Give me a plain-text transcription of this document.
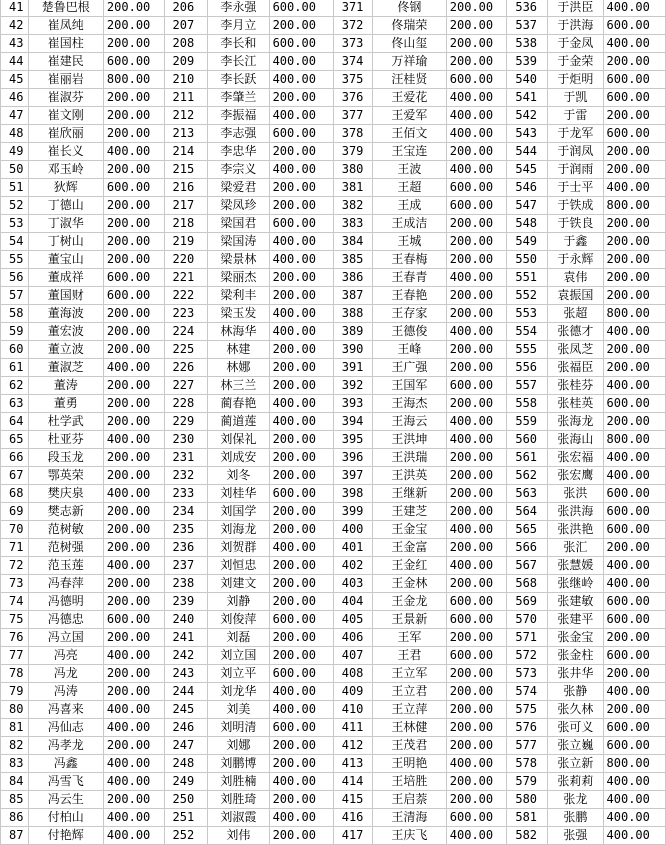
41	楚鲁巴根	200.00	206	李永强	600.00	371	佟钢	200.00	536	于洪臣	400.00
42	崔凤纯	200.00	207	李月立	200.00	372	佟瑞荣	200.00	537	于洪海	600.00
43	崔国柱	200.00	208	李长和	600.00	373	佟山玺	200.00	538	于金凤	400.00
44	崔建民	600.00	209	李长江	400.00	374	万祥瑜	200.00	539	于金荣	200.00
45	崔丽岩	800.00	210	李长跃	400.00	375	汪桂贤	600.00	540	于炬明	600.00
46	崔淑芬	200.00	211	李肇兰	200.00	376	王爱花	400.00	541	于凯	600.00
47	崔文刚	200.00	212	李振福	400.00	377	王爱军	400.00	542	于雷	200.00
48	崔欣丽	200.00	213	李志强	600.00	378	王佰文	400.00	543	于龙军	600.00
49	崔长义	400.00	214	李忠华	200.00	379	王宝连	200.00	544	于润凤	200.00
50	邓玉岭	200.00	215	李宗义	400.00	380	王波	400.00	545	于润雨	200.00
51	狄辉	600.00	216	梁爱君	200.00	381	王超	600.00	546	于士平	400.00
52	丁德山	200.00	217	梁凤珍	200.00	382	王成	600.00	547	于铁成	800.00
53	丁淑华	200.00	218	梁国君	600.00	383	王成洁	200.00	548	于铁良	200.00
54	丁树山	200.00	219	梁国涛	400.00	384	王城	200.00	549	于鑫	200.00
55	董宝山	200.00	220	梁景林	400.00	385	王春梅	200.00	550	于永辉	200.00
56	董成祥	600.00	221	梁丽杰	200.00	386	王春青	400.00	551	袁伟	200.00
57	董国财	600.00	222	梁利丰	200.00	387	王春艳	200.00	552	袁振国	200.00
58	董海波	200.00	223	梁玉发	400.00	388	王存家	200.00	553	张超	800.00
59	董宏波	200.00	224	林海华	400.00	389	王德俊	400.00	554	张德才	400.00
60	董立波	200.00	225	林建	200.00	390	王峰	200.00	555	张凤芝	200.00
61	董淑芝	400.00	226	林娜	200.00	391	王广强	200.00	556	张福臣	200.00
62	董涛	200.00	227	林三兰	200.00	392	王国军	600.00	557	张桂芬	400.00
63	董勇	200.00	228	蔺春艳	400.00	393	王海杰	200.00	558	张桂英	600.00
64	杜学武	200.00	229	蔺道莲	400.00	394	王海云	400.00	559	张海龙	200.00
65	杜亚芬	400.00	230	刘保礼	200.00	395	王洪坤	400.00	560	张海山	800.00
66	段玉龙	200.00	231	刘成安	200.00	396	王洪瑞	200.00	561	张宏福	400.00
67	鄂英荣	200.00	232	刘冬	200.00	397	王洪英	200.00	562	张宏鹰	400.00
68	樊庆泉	400.00	233	刘桂华	600.00	398	王继新	200.00	563	张洪	600.00
69	樊志新	200.00	234	刘国学	200.00	399	王建芝	200.00	564	张洪海	600.00
70	范树敏	200.00	235	刘海龙	200.00	400	王金宝	400.00	565	张洪艳	600.00
71	范树强	200.00	236	刘贺群	400.00	401	王金富	200.00	566	张汇	200.00
72	范玉莲	400.00	237	刘恒忠	200.00	402	王金红	400.00	567	张慧媛	400.00
73	冯春萍	200.00	238	刘建文	200.00	403	王金林	200.00	568	张继岭	400.00
74	冯德明	200.00	239	刘静	200.00	404	王金龙	600.00	569	张建敏	600.00
75	冯德忠	600.00	240	刘俊萍	600.00	405	王景新	600.00	570	张建平	600.00
76	冯立国	200.00	241	刘磊	200.00	406	王军	200.00	571	张金宝	200.00
77	冯亮	400.00	242	刘立国	200.00	407	王君	600.00	572	张金柱	600.00
78	冯龙	200.00	243	刘立平	600.00	408	王立军	200.00	573	张井华	200.00
79	冯涛	200.00	244	刘龙华	400.00	409	王立君	200.00	574	张静	400.00
80	冯喜来	400.00	245	刘美	400.00	410	王立萍	200.00	575	张久林	200.00
81	冯仙志	400.00	246	刘明清	600.00	411	王林健	200.00	576	张可义	600.00
82	冯孝龙	200.00	247	刘娜	200.00	412	王茂君	200.00	577	张立巍	600.00
83	冯鑫	400.00	248	刘鹏博	200.00	413	王明艳	400.00	578	张立新	800.00
84	冯雪飞	400.00	249	刘胜楠	400.00	414	王培胜	200.00	579	张莉莉	400.00
85	冯云生	200.00	250	刘胜琦	200.00	415	王启萘	200.00	580	张龙	400.00
86	付柏山	400.00	251	刘淑霞	400.00	416	王清海	600.00	581	张鹏	400.00
87	付艳辉	400.00	252	刘伟	200.00	417	王庆飞	400.00	582	张强	400.00
